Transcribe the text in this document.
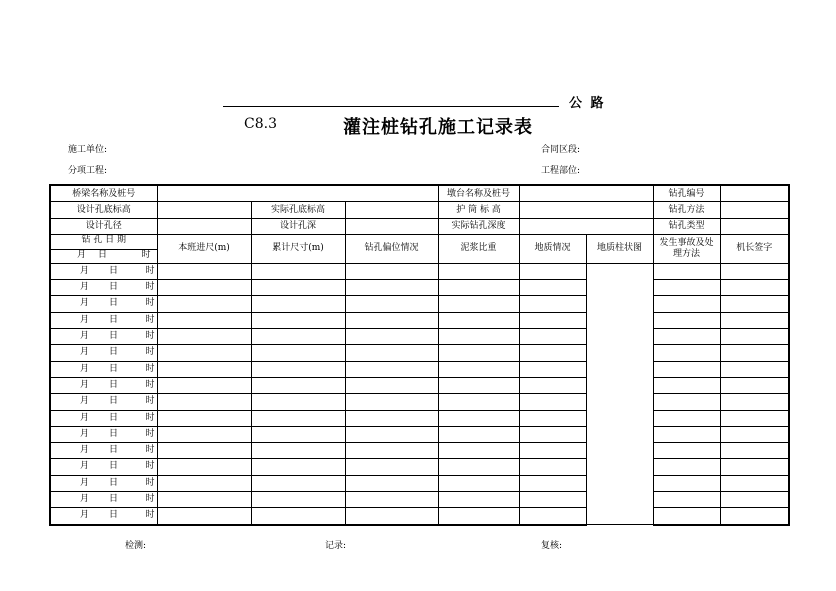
公 路
C8.3	灌注桩钻孔施工记录表
施工单位:	合同区段:
分项工程:	工程部位:
桥梁名称及桩号				墩台名称及桩号			钻孔编号	
设计孔底标高		实际孔底标高		护 筒 标 高			钻孔方法	
设计孔径		设计孔深		实际钻孔深度			钻孔类型	

钻 孔 日 期
月 日 时	本班进尺(m)	累计尺寸(m)	钻孔偏位情况	泥浆比重	地质情况	地质柱状图	发生事故及处理方法	机长签字

月 日 时								

月 日 时								

月 日 时								

月 日 时								

月 日 时								

月 日 时								

月 日 时								

月 日 时								

月 日 时								

月 日 时								

月 日 时								

月 日 时								

月 日 时								

月 日 时								

月 日 时								

月 日 时								

检测:	记录:	复核:
